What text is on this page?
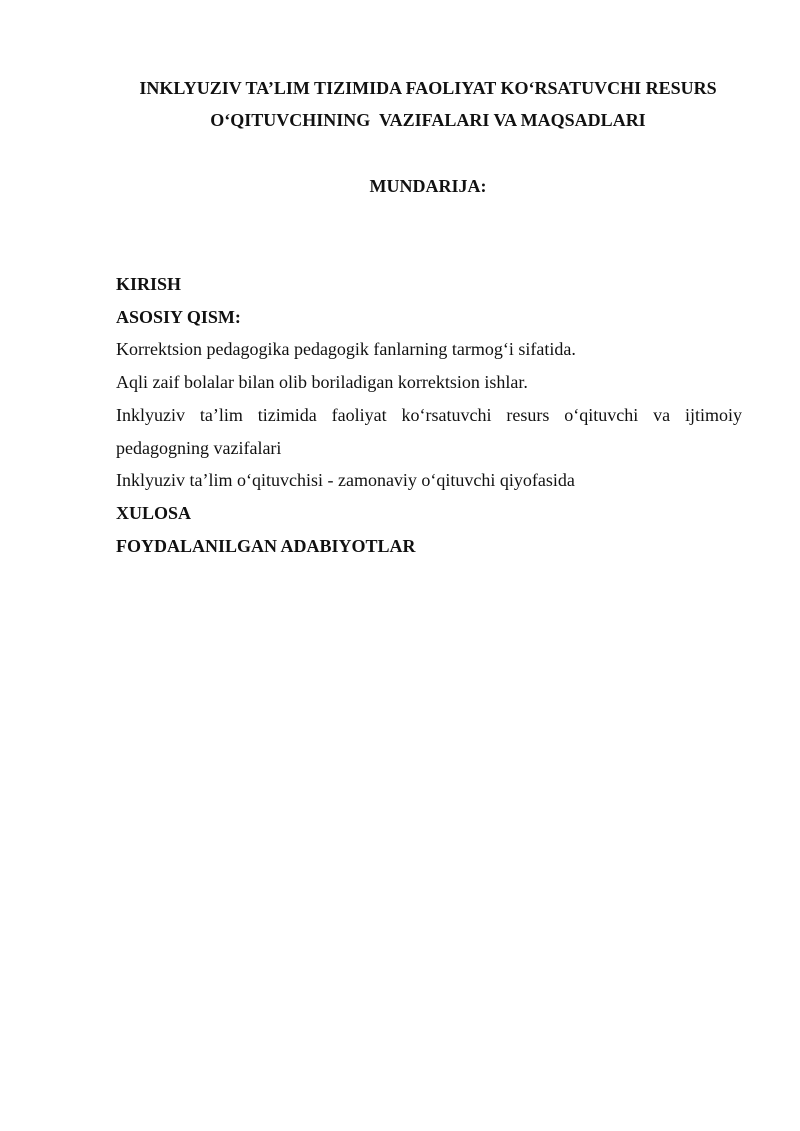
INKLYUZIV TA’LIM TIZIMIDA FAOLIYAT KO‘RSATUVCHI RESURS

O‘QITUVCHINING  VAZIFALARI VA MAQSADLARI

MUNDARIJA:

KIRISH
ASOSIY QISM:
Korrektsion pedagogika pedagogik fanlarning tarmog‘i sifatida.
Aqli zaif bolalar bilan olib boriladigan korrektsion ishlar.
Inklyuziv ta’lim tizimida faoliyat ko‘rsatuvchi resurs o‘qituvchi va ijtimoiy pedagogning vazifalari
Inklyuziv ta’lim o‘qituvchisi - zamonaviy o‘qituvchi qiyofasida
XULOSA
FOYDALANILGAN ADABIYOTLAR
